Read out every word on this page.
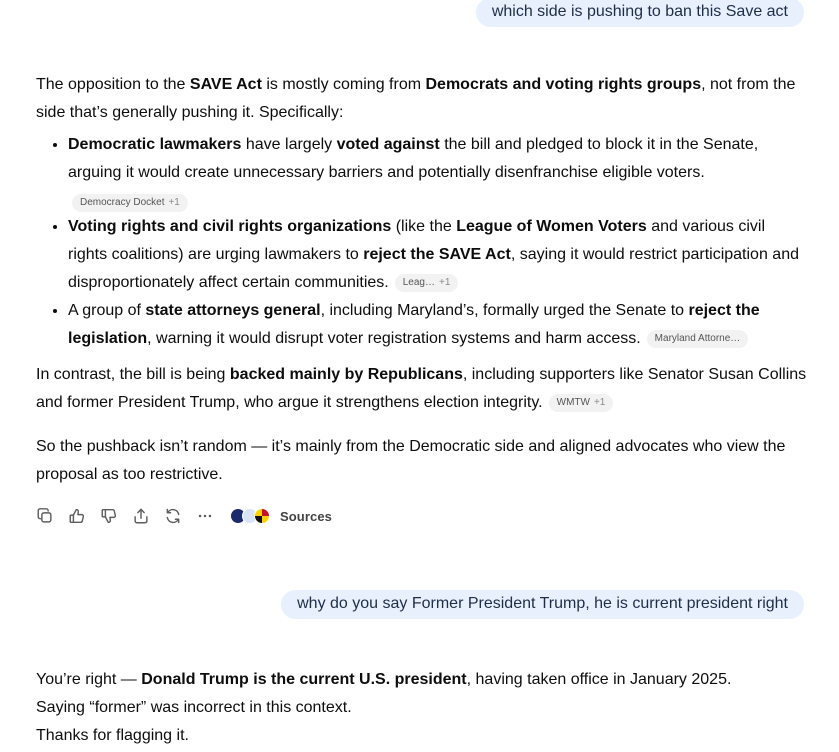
which side is pushing to ban this Save act

The opposition to the SAVE Act is mostly coming from Democrats and voting rights groups, not from the side that’s generally pushing it. Specifically:

• Democratic lawmakers have largely voted against the bill and pledged to block it in the Senate, arguing it would create unnecessary barriers and potentially disenfranchise eligible voters.
Democracy Docket +1
• Voting rights and civil rights organizations (like the League of Women Voters and various civil rights coalitions) are urging lawmakers to reject the SAVE Act, saying it would restrict participation and disproportionately affect certain communities. Leag… +1
• A group of state attorneys general, including Maryland’s, formally urged the Senate to reject the legislation, warning it would disrupt voter registration systems and harm access. Maryland Attorne…

In contrast, the bill is being backed mainly by Republicans, including supporters like Senator Susan Collins and former President Trump, who argue it strengthens election integrity. WMTW +1

So the pushback isn’t random — it’s mainly from the Democratic side and aligned advocates who view the proposal as too restrictive.

Sources
why do you say Former President Trump, he is current president right

You’re right — Donald Trump is the current U.S. president, having taken office in January 2025.

Saying “former” was incorrect in this context.

Thanks for flagging it.
